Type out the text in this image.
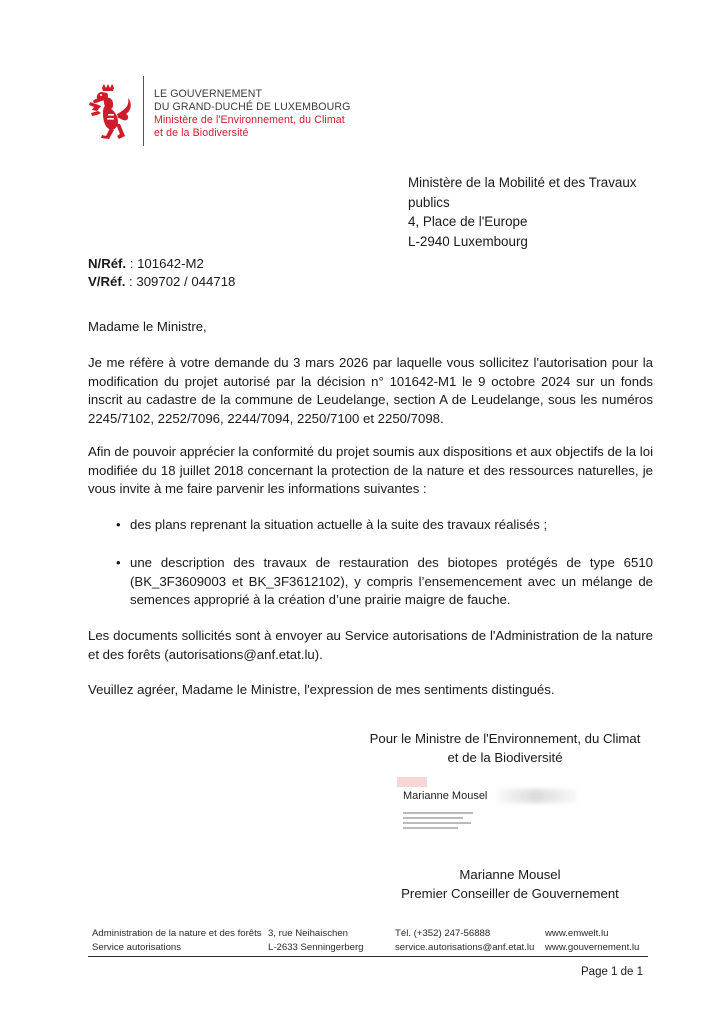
LE GOUVERNEMENT
DU GRAND-DUCHÉ DE LUXEMBOURG
Ministère de l'Environnement, du Climat
et de la Biodiversité
Ministère de la Mobilité et des Travaux
publics
4, Place de l'Europe
L-2940 Luxembourg
N/Réf. : 101642-M2
V/Réf. : 309702 / 044718
Madame le Ministre,
Je me réfère à votre demande du 3 mars 2026 par laquelle vous sollicitez l'autorisation pour la modification du projet autorisé par la décision n° 101642-M1 le 9 octobre 2024 sur un fonds inscrit au cadastre de la commune de Leudelange, section A de Leudelange, sous les numéros 2245/7102, 2252/7096, 2244/7094, 2250/7100 et 2250/7098.
Afin de pouvoir apprécier la conformité du projet soumis aux dispositions et aux objectifs de la loi modifiée du 18 juillet 2018 concernant la protection de la nature et des ressources naturelles, je vous invite à me faire parvenir les informations suivantes :
• des plans reprenant la situation actuelle à la suite des travaux réalisés ;
• une description des travaux de restauration des biotopes protégés de type 6510 (BK_3F3609003 et BK_3F3612102), y compris l’ensemencement avec un mélange de semences approprié à la création d’une prairie maigre de fauche.
Les documents sollicités sont à envoyer au Service autorisations de l'Administration de la nature et des forêts (autorisations@anf.etat.lu).
Veuillez agréer, Madame le Ministre, l'expression de mes sentiments distingués.
Pour le Ministre de l'Environnement, du Climat
et de la Biodiversité
Marianne Mousel
Marianne Mousel
Premier Conseiller de Gouvernement
Administration de la nature et des forêts
Service autorisations
3, rue Neihaischen
L-2633 Senningerberg
Tél. (+352) 247-56888
service.autorisations@anf.etat.lu
www.emwelt.lu
www.gouvernement.lu
Page 1 de 1
